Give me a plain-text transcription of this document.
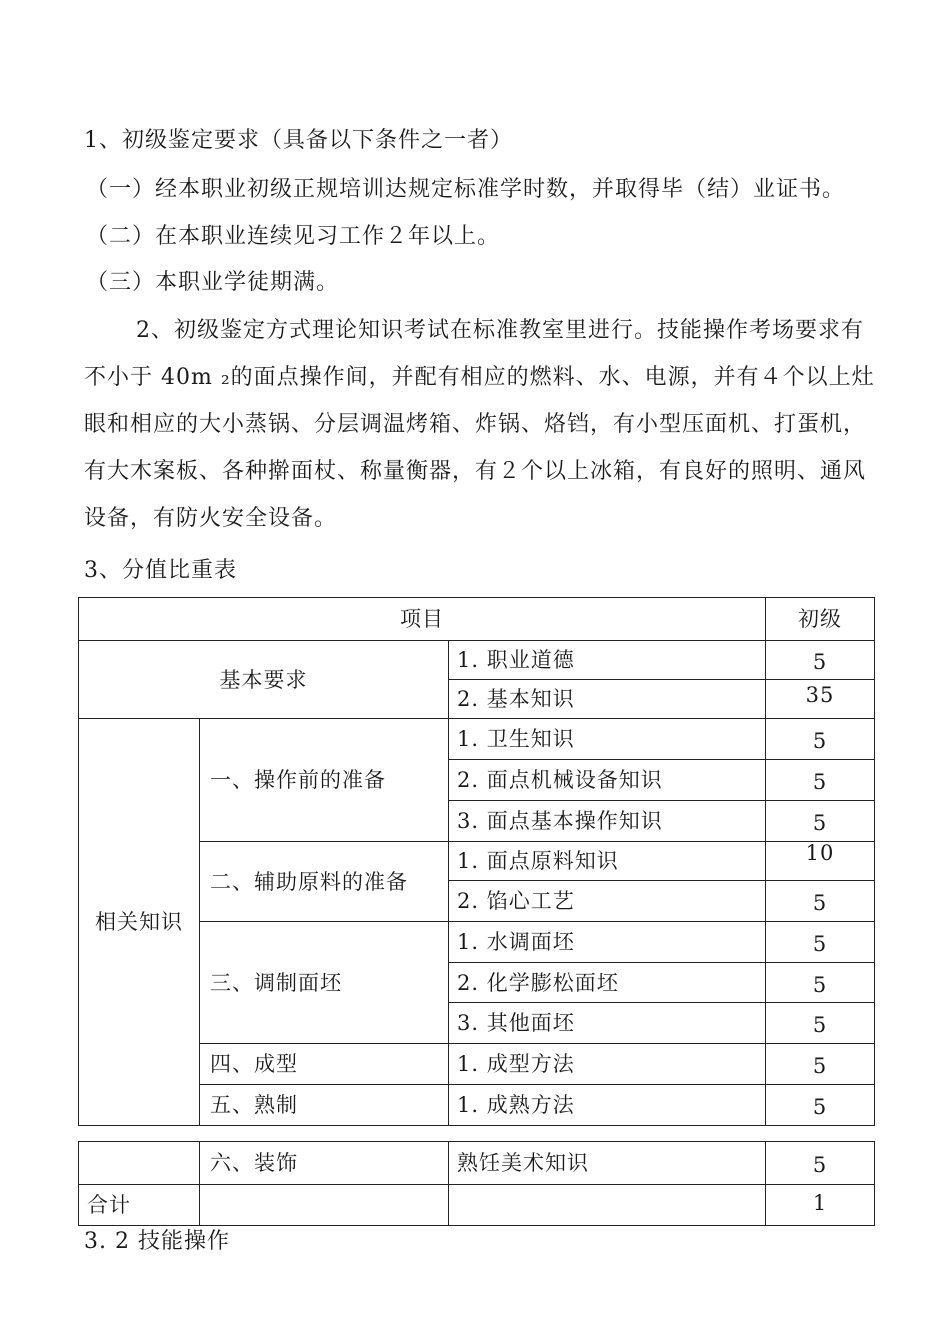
1、初级鉴定要求（具备以下条件之一者）
（一）经本职业初级正规培训达规定标准学时数，并取得毕（结）业证书。
（二）在本职业连续见习工作２年以上。
（三）本职业学徒期满。
2、初级鉴定方式理论知识考试在标准教室里进行。技能操作考场要求有不小于 40m ₂的面点操作间，并配有相应的燃料、水、电源，并有４个以上灶眼和相应的大小蒸锅、分层调温烤箱、炸锅、烙铛，有小型压面机、打蛋机，有大木案板、各种擀面杖、称量衡器，有２个以上冰箱，有良好的照明、通风设备，有防火安全设备。
3、分值比重表
项目			初级
基本要求		1. 职业道德	5
		2. 基本知识	35
相关知识	一、操作前的准备	1. 卫生知识	5
		2. 面点机械设备知识	5
		3. 面点基本操作知识	5
	二、辅助原料的准备	1. 面点原料知识	10
		2. 馅心工艺	5
	三、调制面坯	1. 水调面坯	5
		2. 化学膨松面坯	5
		3. 其他面坯	5
	四、成型	1. 成型方法	5
	五、熟制	1. 成熟方法	5
	六、装饰	熟饪美术知识	5
合计			1
3. 2 技能操作
